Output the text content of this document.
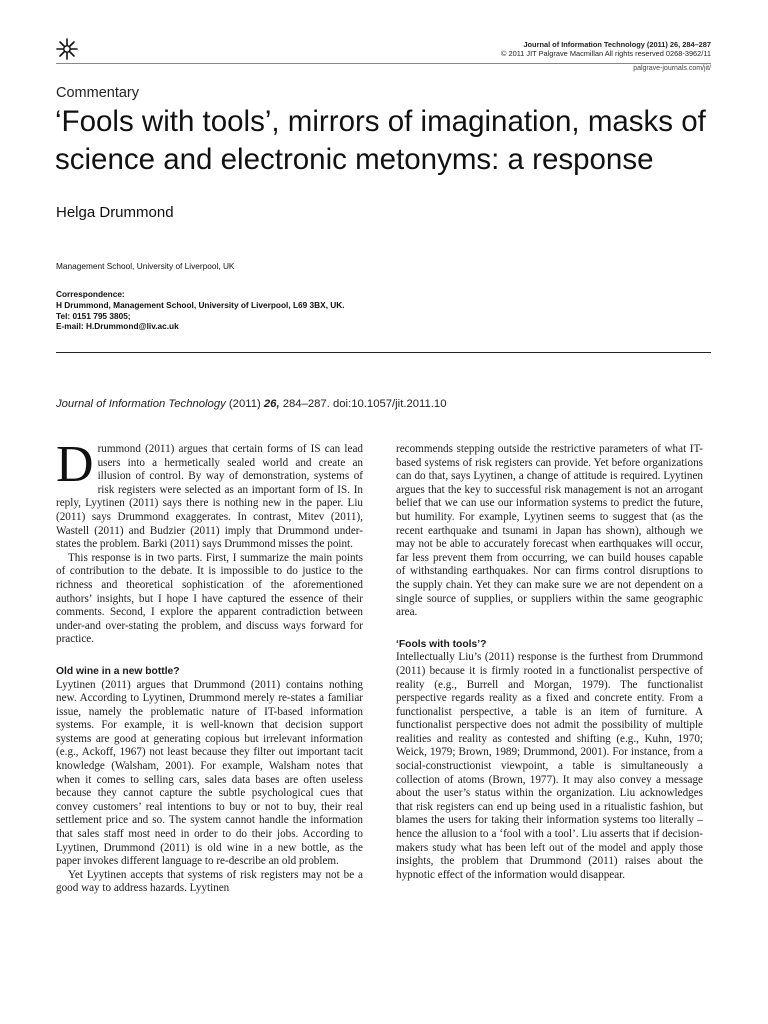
Journal of Information Technology (2011) 26, 284–287
© 2011 JIT Palgrave Macmillan All rights reserved 0268-3962/11
palgrave-journals.com/jit/
Commentary
‘Fools with tools’, mirrors of imagination, masks of science and electronic metonyms: a response
Helga Drummond
Management School, University of Liverpool, UK
Correspondence:
H Drummond, Management School, University of Liverpool, L69 3BX, UK.
Tel: 0151 795 3805;
E-mail: H.Drummond@liv.ac.uk
Journal of Information Technology (2011) 26, 284–287. doi:10.1057/jit.2011.10

Drummond (2011) argues that certain forms of IS can lead users into a hermetically sealed world and create an illusion of control. By way of demonstration, systems of risk registers were selected as an important form of IS. In reply, Lyytinen (2011) says there is nothing new in the paper. Liu (2011) says Drummond exaggerates. In contrast, Mitev (2011), Wastell (2011) and Budzier (2011) imply that Drummond under-states the problem. Barki (2011) says Drummond misses the point.

This response is in two parts. First, I summarize the main points of contribution to the debate. It is impossible to do justice to the richness and theoretical sophistication of the aforementioned authors’ insights, but I hope I have captured the essence of their comments. Second, I explore the apparent contradiction between under-and over-stating the problem, and discuss ways forward for practice.

Old wine in a new bottle?

Lyytinen (2011) argues that Drummond (2011) contains nothing new. According to Lyytinen, Drummond merely re-states a familiar issue, namely the problematic nature of IT-based information systems. For example, it is well-known that decision support systems are good at generating copious but irrelevant information (e.g., Ackoff, 1967) not least because they filter out important tacit knowledge (Walsham, 2001). For example, Walsham notes that when it comes to selling cars, sales data bases are often useless because they cannot capture the subtle psychological cues that convey customers’ real intentions to buy or not to buy, their real settlement price and so. The system cannot handle the information that sales staff most need in order to do their jobs. According to Lyytinen, Drummond (2011) is old wine in a new bottle, as the paper invokes different language to re-describe an old problem.

Yet Lyytinen accepts that systems of risk registers may not be a good way to address hazards. Lyytinen

recommends stepping outside the restrictive parameters of what IT-based systems of risk registers can provide. Yet before organizations can do that, says Lyytinen, a change of attitude is required. Lyytinen argues that the key to successful risk management is not an arrogant belief that we can use our information systems to predict the future, but humility. For example, Lyytinen seems to suggest that (as the recent earthquake and tsunami in Japan has shown), although we may not be able to accurately forecast when earthquakes will occur, far less prevent them from occurring, we can build houses capable of withstanding earthquakes. Nor can firms control disruptions to the supply chain. Yet they can make sure we are not dependent on a single source of supplies, or suppliers within the same geographic area.

‘Fools with tools’?

Intellectually Liu’s (2011) response is the furthest from Drummond (2011) because it is firmly rooted in a functionalist perspective of reality (e.g., Burrell and Morgan, 1979). The functionalist perspective regards reality as a fixed and concrete entity. From a functionalist perspective, a table is an item of furniture. A functionalist perspective does not admit the possibility of multiple realities and reality as contested and shifting (e.g., Kuhn, 1970; Weick, 1979; Brown, 1989; Drummond, 2001). For instance, from a social-constructionist viewpoint, a table is simultaneously a collection of atoms (Brown, 1977). It may also convey a message about the user’s status within the organization. Liu acknowledges that risk registers can end up being used in a ritualistic fashion, but blames the users for taking their information systems too literally – hence the allusion to a ‘fool with a tool’. Liu asserts that if decision-makers study what has been left out of the model and apply those insights, the problem that Drummond (2011) raises about the hypnotic effect of the information would disappear.
